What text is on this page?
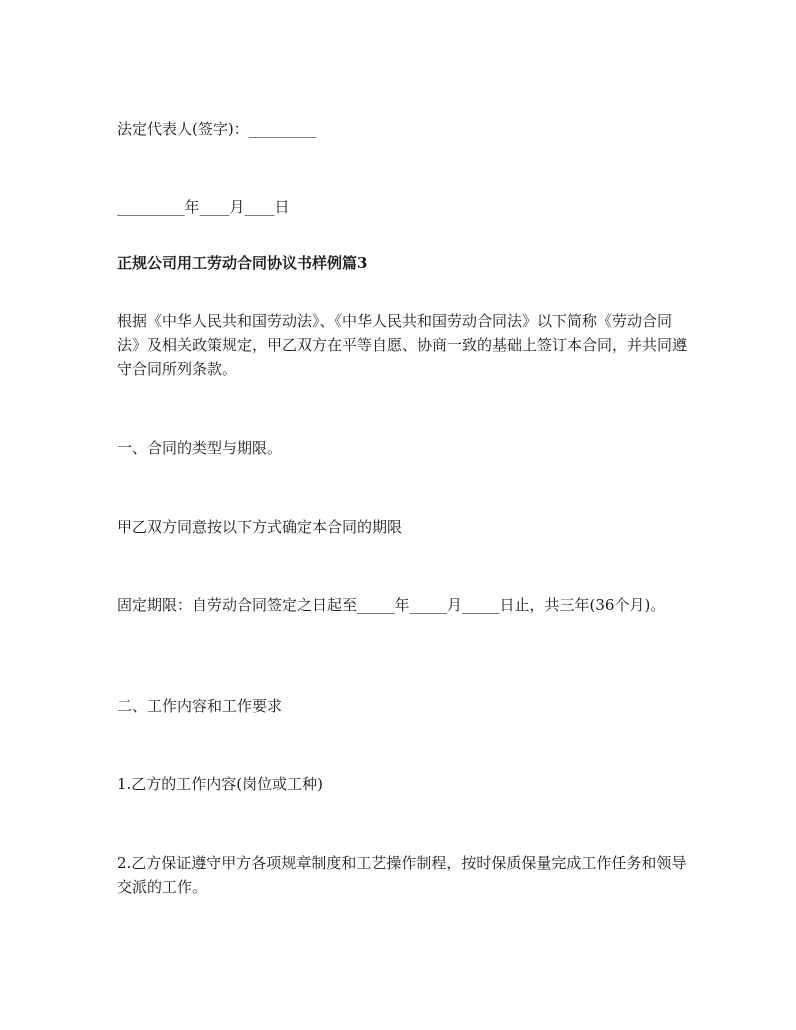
法定代表人(签字)：_________
_________年____月____日
正规公司用工劳动合同协议书样例篇3
根据《中华人民共和国劳动法》、《中华人民共和国劳动合同法》以下简称《劳动合同法》及相关政策规定，甲乙双方在平等自愿、协商一致的基础上签订本合同，并共同遵守合同所列条款。
一、合同的类型与期限。
甲乙双方同意按以下方式确定本合同的期限
固定期限：自劳动合同签定之日起至_____年_____月_____日止，共三年(36个月)。
二、工作内容和工作要求
1.乙方的工作内容(岗位或工种)
2.乙方保证遵守甲方各项规章制度和工艺操作制程，按时保质保量完成工作任务和领导交派的工作。
